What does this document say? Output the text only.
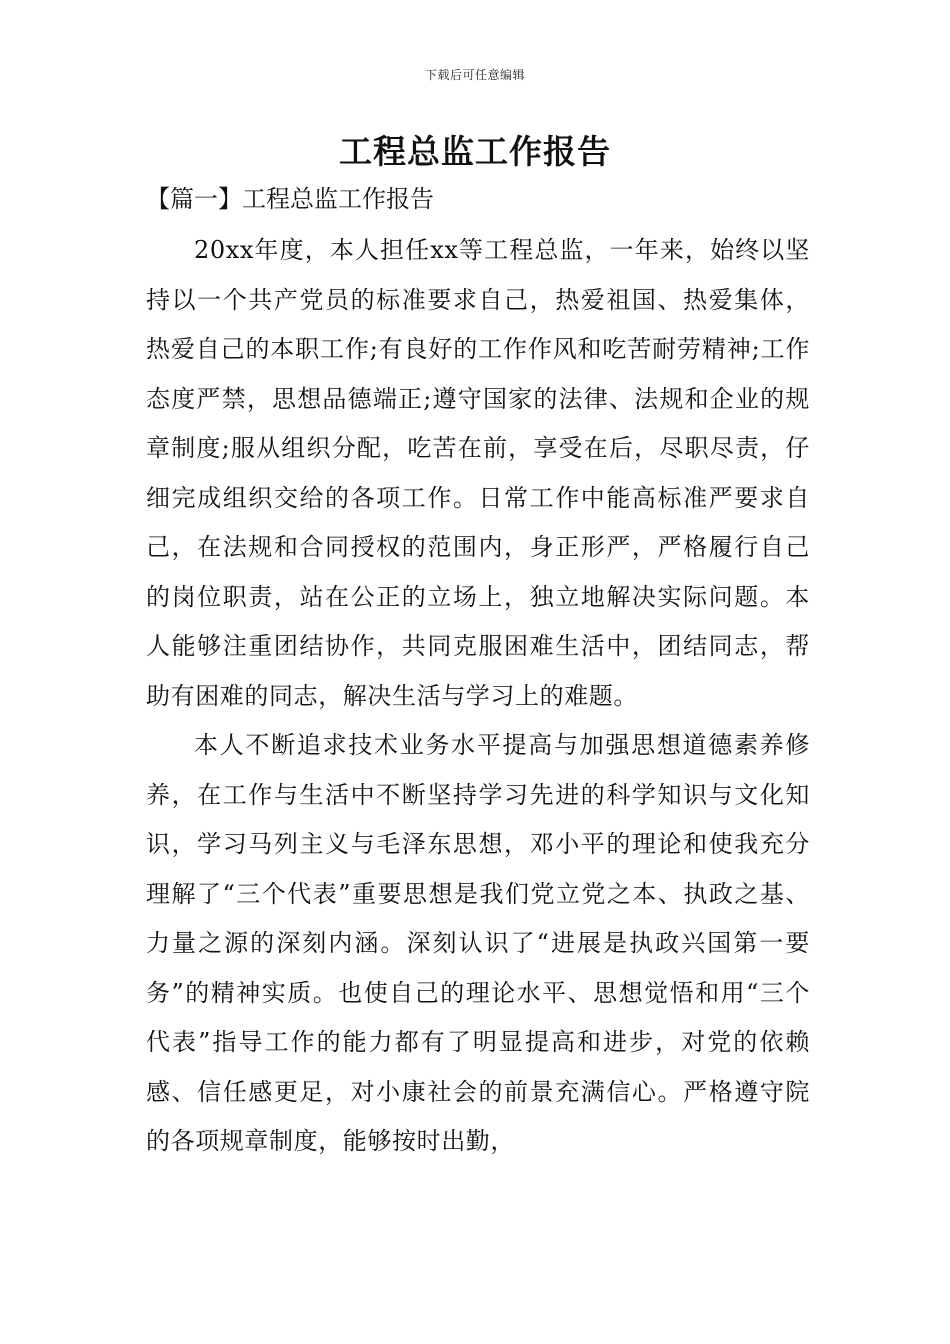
下载后可任意编辑
工程总监工作报告
【篇一】工程总监工作报告

20xx年度，本人担任xx等工程总监，一年来，始终以坚持以一个共产党员的标准要求自己，热爱祖国、热爱集体，热爱自己的本职工作;有良好的工作作风和吃苦耐劳精神;工作态度严禁，思想品德端正;遵守国家的法律、法规和企业的规章制度;服从组织分配，吃苦在前，享受在后，尽职尽责，仔细完成组织交给的各项工作。日常工作中能高标准严要求自己，在法规和合同授权的范围内，身正形严，严格履行自己的岗位职责，站在公正的立场上，独立地解决实际问题。本人能够注重团结协作，共同克服困难生活中，团结同志，帮助有困难的同志，解决生活与学习上的难题。

本人不断追求技术业务水平提高与加强思想道德素养修养，在工作与生活中不断坚持学习先进的科学知识与文化知识，学习马列主义与毛泽东思想，邓小平的理论和使我充分理解了“三个代表”重要思想是我们党立党之本、执政之基、力量之源的深刻内涵。深刻认识了“进展是执政兴国第一要务”的精神实质。也使自己的理论水平、思想觉悟和用“三个代表”指导工作的能力都有了明显提高和进步，对党的依赖感、信任感更足，对小康社会的前景充满信心。严格遵守院的各项规章制度，能够按时出勤，
